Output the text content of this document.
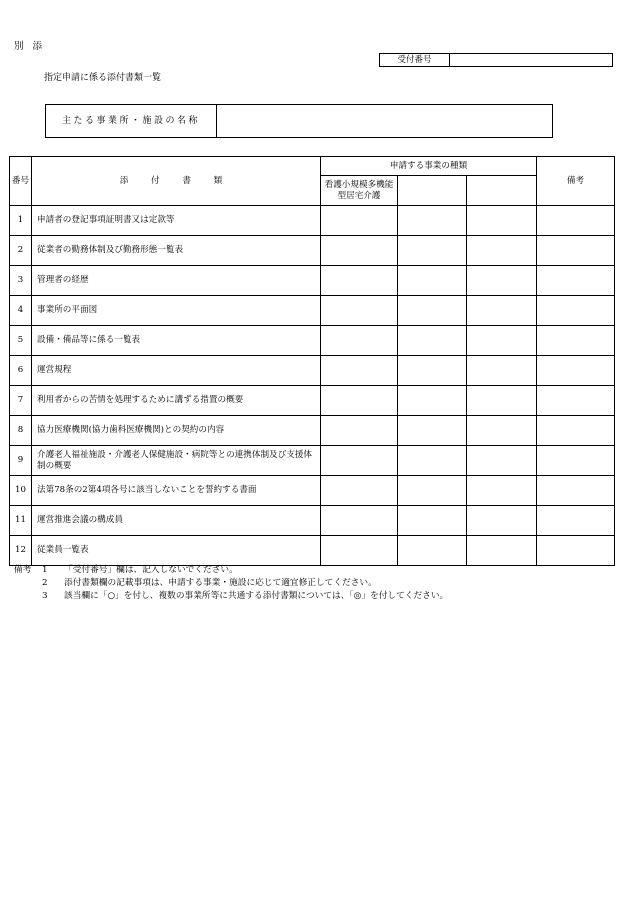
別 添
受付番号
指定申請に係る添付書類一覧
主たる事業所・施設の名称
番号	添 付 書 類	申請する事業の種類			備考
		看護小規模多機能型居宅介護			
1	申請者の登記事項証明書又は定款等				
2	従業者の勤務体制及び勤務形態一覧表				
3	管理者の経歴				
4	事業所の平面図				
5	設備・備品等に係る一覧表				
6	運営規程				
7	利用者からの苦情を処理するために講ずる措置の概要				
8	協力医療機関(協力歯科医療機関)との契約の内容				
9	介護老人福祉施設・介護老人保健施設・病院等との連携体制及び支援体制の概要				
10	法第78条の2第4項各号に該当しないことを誓約する書面				
11	運営推進会議の構成員				
12	従業員一覧表				
備考	1	「受付番号」欄は、記入しないでください。
2	添付書類欄の記載事項は、申請する事業・施設に応じて適宜修正してください。
3	該当欄に「○」を付し、複数の事業所等に共通する添付書類については、「◎」を付してください。
